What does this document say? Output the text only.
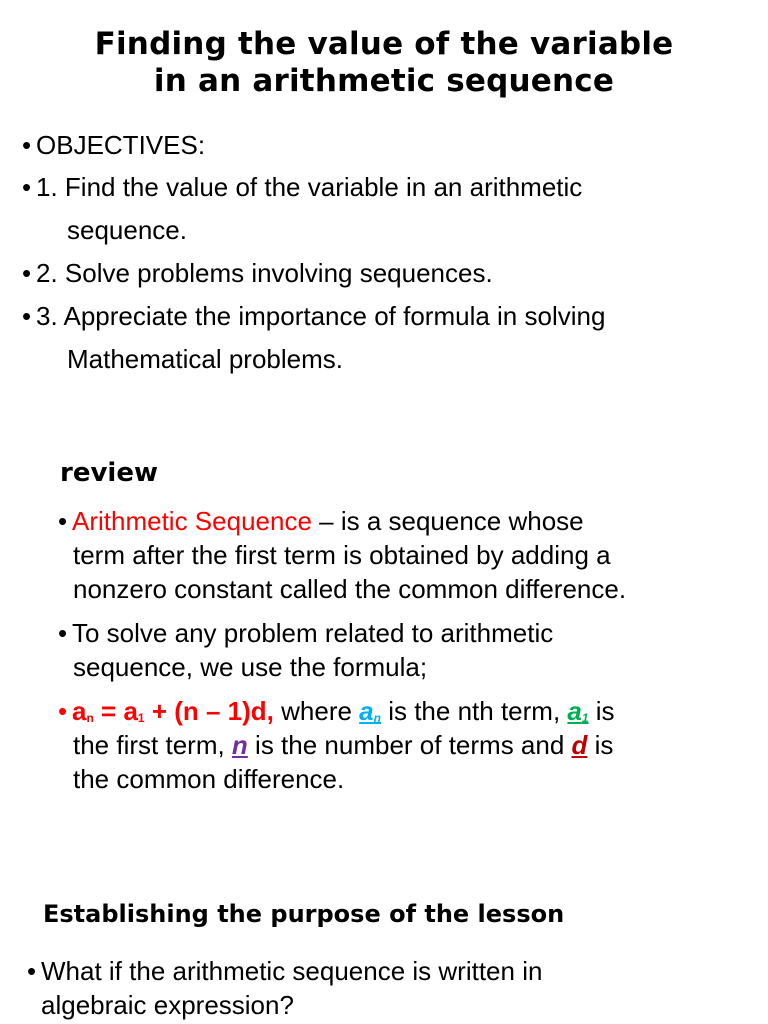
Finding the value of the variable
in an arithmetic sequence
• OBJECTIVES:
• 1. Find the value of the variable in an arithmetic
sequence.
• 2. Solve problems involving sequences.
• 3. Appreciate the importance of formula in solving
Mathematical problems.
review
• Arithmetic Sequence – is a sequence whose
term after the first term is obtained by adding a
nonzero constant called the common difference.
• To solve any problem related to arithmetic
sequence, we use the formula;
• an = a1 + (n – 1)d, where an is the nth term, a1 is
the first term, n is the number of terms and d is
the common difference.
Establishing the purpose of the lesson
• What if the arithmetic sequence is written in
algebraic expression?
